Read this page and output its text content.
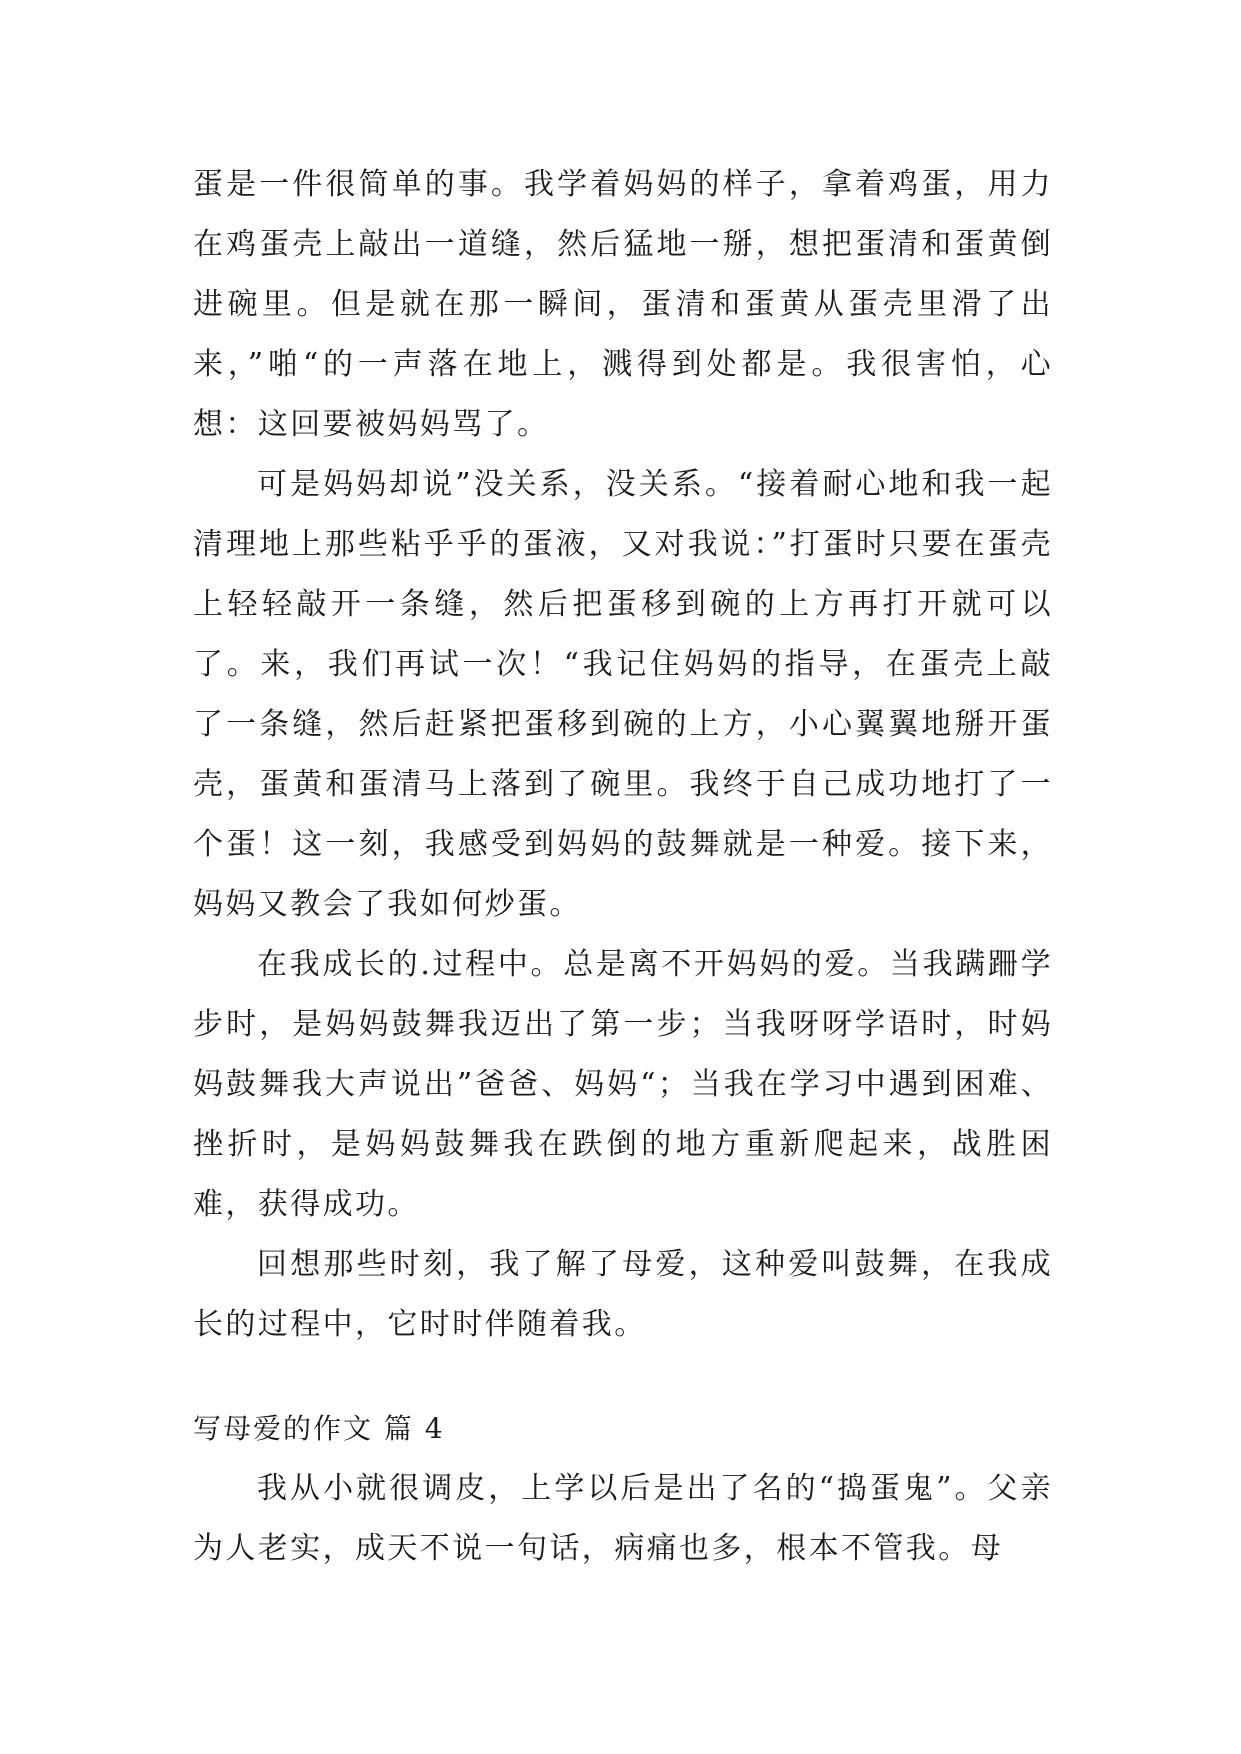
蛋是一件很简单的事。我学着妈妈的样子，拿着鸡蛋，用力在鸡蛋壳上敲出一道缝，然后猛地一掰，想把蛋清和蛋黄倒进碗里。但是就在那一瞬间，蛋清和蛋黄从蛋壳里滑了出来，”啪“的一声落在地上，溅得到处都是。我很害怕，心想：这回要被妈妈骂了。

可是妈妈却说”没关系，没关系。“接着耐心地和我一起清理地上那些粘乎乎的蛋液，又对我说：”打蛋时只要在蛋壳上轻轻敲开一条缝，然后把蛋移到碗的上方再打开就可以了。来，我们再试一次！“我记住妈妈的指导，在蛋壳上敲了一条缝，然后赶紧把蛋移到碗的上方，小心翼翼地掰开蛋壳，蛋黄和蛋清马上落到了碗里。我终于自己成功地打了一个蛋！这一刻，我感受到妈妈的鼓舞就是一种爱。接下来，妈妈又教会了我如何炒蛋。

在我成长的.过程中。总是离不开妈妈的爱。当我蹒跚学步时，是妈妈鼓舞我迈出了第一步；当我呀呀学语时，时妈妈鼓舞我大声说出”爸爸、妈妈“；当我在学习中遇到困难、挫折时，是妈妈鼓舞我在跌倒的地方重新爬起来，战胜困难，获得成功。

回想那些时刻，我了解了母爱，这种爱叫鼓舞，在我成长的过程中，它时时伴随着我。

写母爱的作文 篇 4

我从小就很调皮，上学以后是出了名的“捣蛋鬼”。父亲为人老实，成天不说一句话，病痛也多，根本不管我。母
